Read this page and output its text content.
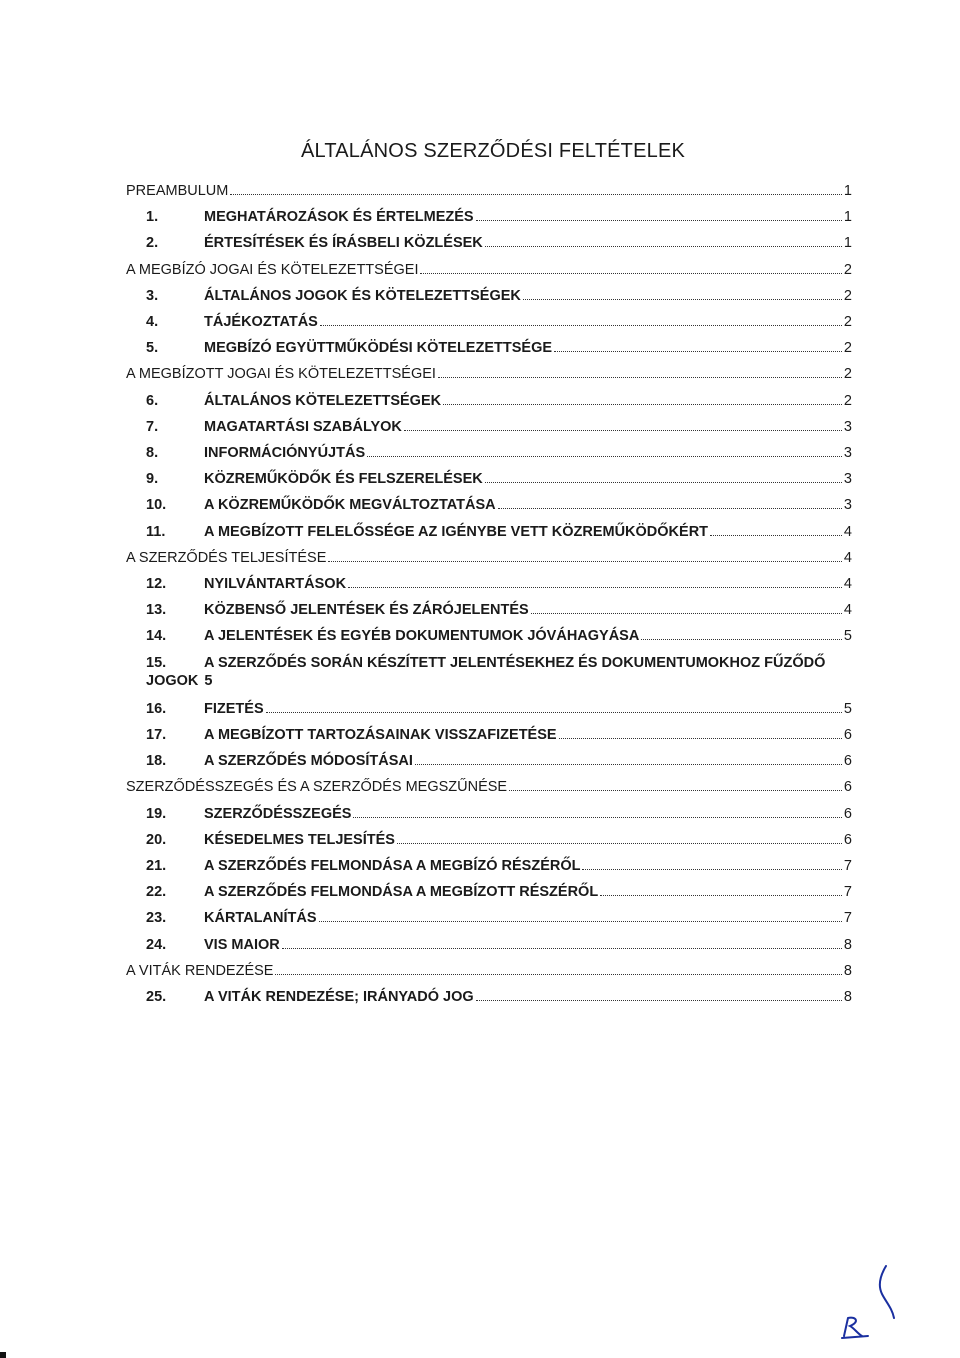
ÁLTALÁNOS SZERZŐDÉSI FELTÉTELEK
PREAMBULUM	1
1.	MEGHATÁROZÁSOK ÉS ÉRTELMEZÉS	1
2.	ÉRTESÍTÉSEK ÉS ÍRÁSBELI KÖZLÉSEK	1
A MEGBÍZÓ JOGAI ÉS KÖTELEZETTSÉGEI	2
3.	ÁLTALÁNOS JOGOK ÉS KÖTELEZETTSÉGEK	2
4.	TÁJÉKOZTATÁS	2
5.	MEGBÍZÓ EGYÜTTMŰKÖDÉSI KÖTELEZETTSÉGE	2
A MEGBÍZOTT JOGAI ÉS KÖTELEZETTSÉGEI	2
6.	ÁLTALÁNOS KÖTELEZETTSÉGEK	2
7.	MAGATARTÁSI SZABÁLYOK	3
8.	INFORMÁCIÓNYÚJTÁS	3
9.	KÖZREMŰKÖDŐK ÉS FELSZERELÉSEK	3
10.	A KÖZREMŰKÖDŐK MEGVÁLTOZTATÁSA	3
11.	A MEGBÍZOTT FELELŐSSÉGE AZ IGÉNYBE VETT KÖZREMŰKÖDŐKÉRT	4
A SZERZŐDÉS TELJESÍTÉSE	4
12.	NYILVÁNTARTÁSOK	4
13.	KÖZBENSŐ JELENTÉSEK ÉS ZÁRÓJELENTÉS	4
14.	A JELENTÉSEK ÉS EGYÉB DOKUMENTUMOK JÓVÁHAGYÁSA	5
15.	A SZERZŐDÉS SORÁN KÉSZÍTETT JELENTÉSEKHEZ ÉS DOKUMENTUMOKHOZ FŰZŐDŐ
JOGOK 5
16.	FIZETÉS	5
17.	A MEGBÍZOTT TARTOZÁSAINAK VISSZAFIZETÉSE	6
18.	A SZERZŐDÉS MÓDOSÍTÁSAI	6
SZERZŐDÉSSZEGÉS ÉS A SZERZŐDÉS MEGSZŰNÉSE	6
19.	SZERZŐDÉSSZEGÉS	6
20.	KÉSEDELMES TELJESÍTÉS	6
21.	A SZERZŐDÉS FELMONDÁSA A MEGBÍZÓ RÉSZÉRŐL	7
22.	A SZERZŐDÉS FELMONDÁSA A MEGBÍZOTT RÉSZÉRŐL	7
23.	KÁRTALANÍTÁS	7
24.	VIS MAIOR	8
A VITÁK RENDEZÉSE	8
25.	A VITÁK RENDEZÉSE; IRÁNYADÓ JOG	8
